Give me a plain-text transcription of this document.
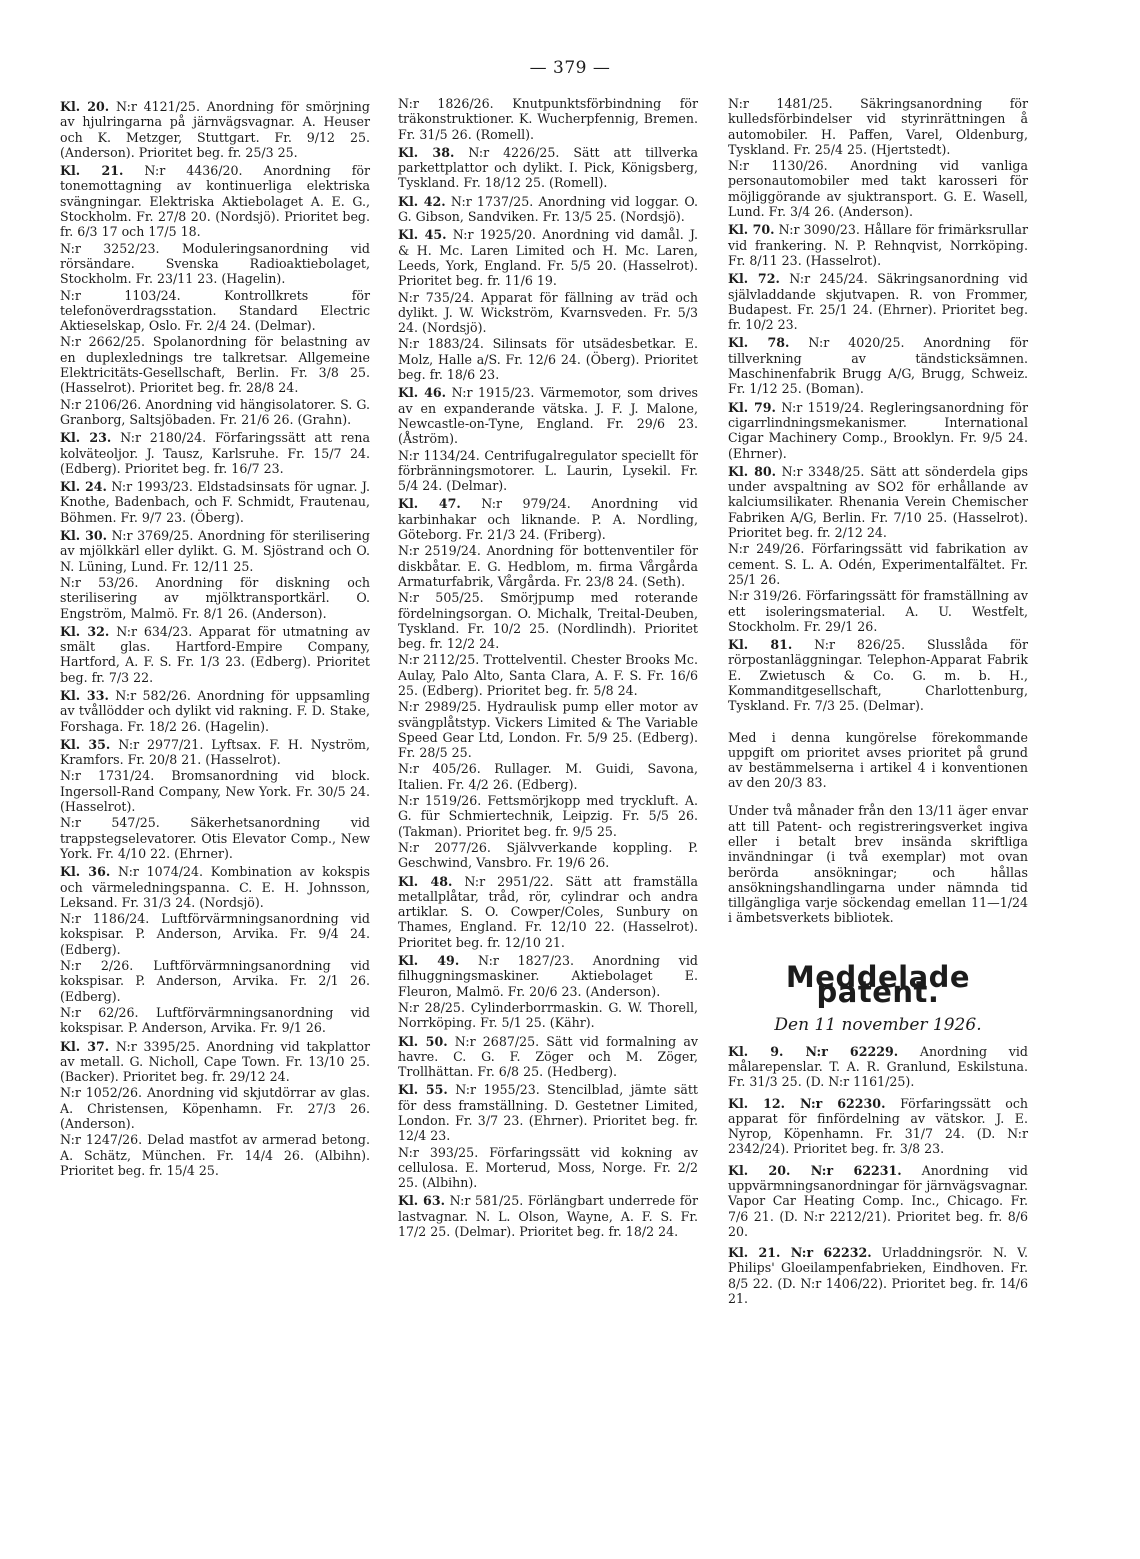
— 379 —

Kl. 20. N:r 4121/25. Anordning för smörjning av hjulringarna på järnvägsvagnar. A. Heuser och K. Metzger, Stuttgart. Fr. 9/12 25. (Anderson). Prioritet beg. fr. 25/3 25.

Kl. 21. N:r 4436/20. Anordning för tonemottagning av kontinuerliga elektriska svängningar. Elektriska Aktiebolaget A. E. G., Stockholm. Fr. 27/8 20. (Nordsjö). Prioritet beg. fr. 6/3 17 och 17/5 18.

N:r 3252/23. Moduleringsanordning vid rörsändare. Svenska Radioaktiebolaget, Stockholm. Fr. 23/11 23. (Hagelin).

N:r 1103/24. Kontrollkrets för telefonöverdragsstation. Standard Electric Aktieselskap, Oslo. Fr. 2/4 24. (Delmar).

N:r 2662/25. Spolanordning för belastning av en duplexlednings tre talkretsar. Allgemeine Elektricitäts-Gesellschaft, Berlin. Fr. 3/8 25. (Hasselrot). Prioritet beg. fr. 28/8 24.

N:r 2106/26. Anordning vid hängisolatorer. S. G. Granborg, Saltsjöbaden. Fr. 21/6 26. (Grahn).

Kl. 23. N:r 2180/24. Förfaringssätt att rena kolväteoljor. J. Tausz, Karlsruhe. Fr. 15/7 24. (Edberg). Prioritet beg. fr. 16/7 23.

Kl. 24. N:r 1993/23. Eldstadsinsats för ugnar. J. Knothe, Badenbach, och F. Schmidt, Frautenau, Böhmen. Fr. 9/7 23. (Öberg).

Kl. 30. N:r 3769/25. Anordning för sterilisering av mjölkkärl eller dylikt. G. M. Sjöstrand och O. N. Lüning, Lund. Fr. 12/11 25.

N:r 53/26. Anordning för diskning och sterilisering av mjölktransportkärl. O. Engström, Malmö. Fr. 8/1 26. (Anderson).

Kl. 32. N:r 634/23. Apparat för utmatning av smält glas. Hartford-Empire Company, Hartford, A. F. S. Fr. 1/3 23. (Edberg). Prioritet beg. fr. 7/3 22.

Kl. 33. N:r 582/26. Anordning för uppsamling av tvållödder och dylikt vid rakning. F. D. Stake, Forshaga. Fr. 18/2 26. (Hagelin).

Kl. 35. N:r 2977/21. Lyftsax. F. H. Nyström, Kramfors. Fr. 20/8 21. (Hasselrot).

N:r 1731/24. Bromsanordning vid block. Ingersoll-Rand Company, New York. Fr. 30/5 24. (Hasselrot).

N:r 547/25. Säkerhetsanordning vid trappstegselevatorer. Otis Elevator Comp., New York. Fr. 4/10 22. (Ehrner).

Kl. 36. N:r 1074/24. Kombination av kokspis och värmeledningspanna. C. E. H. Johnsson, Leksand. Fr. 31/3 24. (Nordsjö).

N:r 1186/24. Luftförvärmningsanordning vid kokspisar. P. Anderson, Arvika. Fr. 9/4 24. (Edberg).

N:r 2/26. Luftförvärmningsanordning vid kokspisar. P. Anderson, Arvika. Fr. 2/1 26. (Edberg).

N:r 62/26. Luftförvärmningsanordning vid kokspisar. P. Anderson, Arvika. Fr. 9/1 26.

Kl. 37. N:r 3395/25. Anordning vid takplattor av metall. G. Nicholl, Cape Town. Fr. 13/10 25. (Backer). Prioritet beg. fr. 29/12 24.

N:r 1052/26. Anordning vid skjutdörrar av glas. A. Christensen, Köpenhamn. Fr. 27/3 26. (Anderson).

N:r 1247/26. Delad mastfot av armerad betong. A. Schätz, München. Fr. 14/4 26. (Albihn). Prioritet beg. fr. 15/4 25.

N:r 1826/26. Knutpunktsförbindning för träkonstruktioner. K. Wucherpfennig, Bremen. Fr. 31/5 26. (Romell).

Kl. 38. N:r 4226/25. Sätt att tillverka parkettplattor och dylikt. I. Pick, Königsberg, Tyskland. Fr. 18/12 25. (Romell).

Kl. 42. N:r 1737/25. Anordning vid loggar. O. G. Gibson, Sandviken. Fr. 13/5 25. (Nordsjö).

Kl. 45. N:r 1925/20. Anordning vid damål. J. & H. Mc. Laren Limited och H. Mc. Laren, Leeds, York, England. Fr. 5/5 20. (Hasselrot). Prioritet beg. fr. 11/6 19.

N:r 735/24. Apparat för fällning av träd och dylikt. J. W. Wickström, Kvarnsveden. Fr. 5/3 24. (Nordsjö).

N:r 1883/24. Silinsats för utsädesbetkar. E. Molz, Halle a/S. Fr. 12/6 24. (Öberg). Prioritet beg. fr. 18/6 23.

Kl. 46. N:r 1915/23. Värmemotor, som drives av en expanderande vätska. J. F. J. Malone, Newcastle-on-Tyne, England. Fr. 29/6 23. (Åström).

N:r 1134/24. Centrifugalregulator speciellt för förbränningsmotorer. L. Laurin, Lysekil. Fr. 5/4 24. (Delmar).

Kl. 47. N:r 979/24. Anordning vid karbinhakar och liknande. P. A. Nordling, Göteborg. Fr. 21/3 24. (Friberg).

N:r 2519/24. Anordning för bottenventiler för diskbåtar. E. G. Hedblom, m. firma Vårgårda Armaturfabrik, Vårgårda. Fr. 23/8 24. (Seth).

N:r 505/25. Smörjpump med roterande fördelningsorgan. O. Michalk, Treital-Deuben, Tyskland. Fr. 10/2 25. (Nordlindh). Prioritet beg. fr. 12/2 24.

N:r 2112/25. Trottelventil. Chester Brooks Mc. Aulay, Palo Alto, Santa Clara, A. F. S. Fr. 16/6 25. (Edberg). Prioritet beg. fr. 5/8 24.

N:r 2989/25. Hydraulisk pump eller motor av svängplåtstyp. Vickers Limited & The Variable Speed Gear Ltd, London. Fr. 5/9 25. (Edberg). Fr. 28/5 25.

N:r 405/26. Rullager. M. Guidi, Savona, Italien. Fr. 4/2 26. (Edberg).

N:r 1519/26. Fettsmörjkopp med tryckluft. A. G. für Schmiertechnik, Leipzig. Fr. 5/5 26. (Takman). Prioritet beg. fr. 9/5 25.

N:r 2077/26. Självverkande koppling. P. Geschwind, Vansbro. Fr. 19/6 26.

Kl. 48. N:r 2951/22. Sätt att framställa metallplåtar, tråd, rör, cylindrar och andra artiklar. S. O. Cowper/Coles, Sunbury on Thames, England. Fr. 12/10 22. (Hasselrot). Prioritet beg. fr. 12/10 21.

Kl. 49. N:r 1827/23. Anordning vid filhuggningsmaskiner. Aktiebolaget E. Fleuron, Malmö. Fr. 20/6 23. (Anderson).

N:r 28/25. Cylinderborrmaskin. G. W. Thorell, Norrköping. Fr. 5/1 25. (Kähr).

Kl. 50. N:r 2687/25. Sätt vid formalning av havre. C. G. F. Zöger och M. Zöger, Trollhättan. Fr. 6/8 25. (Hedberg).

Kl. 55. N:r 1955/23. Stencilblad, jämte sätt för dess framställning. D. Gestetner Limited, London. Fr. 3/7 23. (Ehrner). Prioritet beg. fr. 12/4 23.

N:r 393/25. Förfaringssätt vid kokning av cellulosa. E. Morterud, Moss, Norge. Fr. 2/2 25. (Albihn).

Kl. 63. N:r 581/25. Förlängbart underrede för lastvagnar. N. L. Olson, Wayne, A. F. S. Fr. 17/2 25. (Delmar). Prioritet beg. fr. 18/2 24.

N:r 1481/25. Säkringsanordning för kulledsförbindelser vid styrinrättningen å automobiler. H. Paffen, Varel, Oldenburg, Tyskland. Fr. 25/4 25. (Hjertstedt).

N:r 1130/26. Anordning vid vanliga personautomobiler med takt karosseri för möjliggörande av sjuktransport. G. E. Wasell, Lund. Fr. 3/4 26. (Anderson).

Kl. 70. N:r 3090/23. Hållare för frimärksrullar vid frankering. N. P. Rehnqvist, Norrköping. Fr. 8/11 23. (Hasselrot).

Kl. 72. N:r 245/24. Säkringsanordning vid självladdande skjutvapen. R. von Frommer, Budapest. Fr. 25/1 24. (Ehrner). Prioritet beg. fr. 10/2 23.

Kl. 78. N:r 4020/25. Anordning för tillverkning av tändsticksämnen. Maschinenfabrik Brugg A/G, Brugg, Schweiz. Fr. 1/12 25. (Boman).

Kl. 79. N:r 1519/24. Regleringsanordning för cigarrlindningsmekanismer. International Cigar Machinery Comp., Brooklyn. Fr. 9/5 24. (Ehrner).

Kl. 80. N:r 3348/25. Sätt att sönderdela gips under avspaltning av SO2 för erhållande av kalciumsilikater. Rhenania Verein Chemischer Fabriken A/G, Berlin. Fr. 7/10 25. (Hasselrot). Prioritet beg. fr. 2/12 24.

N:r 249/26. Förfaringssätt vid fabrikation av cement. S. L. A. Odén, Experimentalfältet. Fr. 25/1 26.

N:r 319/26. Förfaringssätt för framställning av ett isoleringsmaterial. A. U. Westfelt, Stockholm. Fr. 29/1 26.

Kl. 81. N:r 826/25. Slusslåda för rörpostanläggningar. Telephon-Apparat Fabrik E. Zwietusch & Co. G. m. b. H., Kommanditgesellschaft, Charlottenburg, Tyskland. Fr. 7/3 25. (Delmar).

Med i denna kungörelse förekommande uppgift om prioritet avses prioritet på grund av bestämmelserna i artikel 4 i konventionen av den 20/3 83.

Under två månader från den 13/11 äger envar att till Patent- och registreringsverket ingiva eller i betalt brev insända skriftliga invändningar (i två exemplar) mot ovan berörda ansökningar; och hållas ansökningshandlingarna under nämnda tid tillgängliga varje söckendag emellan 11—1/24 i ämbetsverkets bibliotek.

Meddelade patent.
Den 11 november 1926.

Kl. 9. N:r 62229. Anordning vid målarepenslar. T. A. R. Granlund, Eskilstuna. Fr. 31/3 25. (D. N:r 1161/25).

Kl. 12. N:r 62230. Förfaringssätt och apparat för finfördelning av vätskor. J. E. Nyrop, Köpenhamn. Fr. 31/7 24. (D. N:r 2342/24). Prioritet beg. fr. 3/8 23.

Kl. 20. N:r 62231. Anordning vid uppvärmningsanordningar för järnvägsvagnar. Vapor Car Heating Comp. Inc., Chicago. Fr. 7/6 21. (D. N:r 2212/21). Prioritet beg. fr. 8/6 20.

Kl. 21. N:r 62232. Urladdningsrör. N. V. Philips' Gloeilampenfabrieken, Eindhoven. Fr. 8/5 22. (D. N:r 1406/22). Prioritet beg. fr. 14/6 21.
